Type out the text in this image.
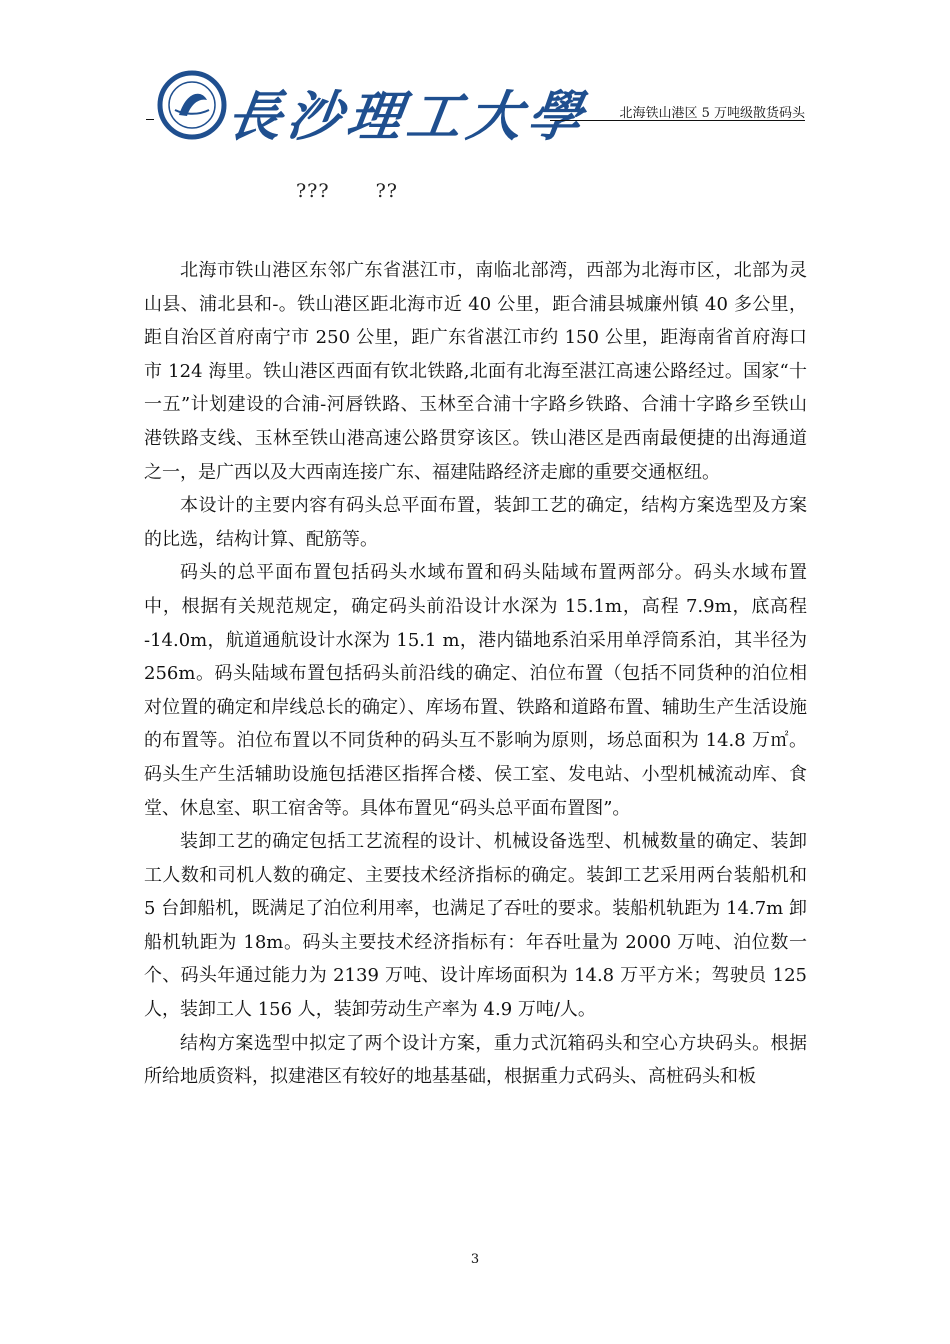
長沙理工大學 北海铁山港区 5 万吨级散货码头
??? ??

北海市铁山港区东邻广东省湛江市，南临北部湾，西部为北海市区，北部为灵山县、浦北县和-。铁山港区距北海市近 40 公里，距合浦县城廉州镇 40 多公里，距自治区首府南宁市 250 公里，距广东省湛江市约 150 公里，距海南省首府海口市 124 海里。铁山港区西面有钦北铁路,北面有北海至湛江高速公路经过。国家“十一五”计划建设的合浦-河唇铁路、玉林至合浦十字路乡铁路、合浦十字路乡至铁山港铁路支线、玉林至铁山港高速公路贯穿该区。铁山港区是西南最便捷的出海通道之一，是广西以及大西南连接广东、福建陆路经济走廊的重要交通枢纽。

本设计的主要内容有码头总平面布置，装卸工艺的确定，结构方案选型及方案的比选，结构计算、配筋等。

码头的总平面布置包括码头水域布置和码头陆域布置两部分。码头水域布置中，根据有关规范规定，确定码头前沿设计水深为 15.1m，高程 7.9m，底高程 -14.0m，航道通航设计水深为 15.1 m，港内锚地系泊采用单浮筒系泊，其半径为 256m。码头陆域布置包括码头前沿线的确定、泊位布置（包括不同货种的泊位相对位置的确定和岸线总长的确定）、库场布置、铁路和道路布置、辅助生产生活设施的布置等。泊位布置以不同货种的码头互不影响为原则，场总面积为 14.8 万㎡。码头生产生活辅助设施包括港区指挥合楼、侯工室、发电站、小型机械流动库、食堂、休息室、职工宿舍等。具体布置见“码头总平面布置图”。

装卸工艺的确定包括工艺流程的设计、机械设备选型、机械数量的确定、装卸工人数和司机人数的确定、主要技术经济指标的确定。装卸工艺采用两台装船机和 5 台卸船机，既满足了泊位利用率，也满足了吞吐的要求。装船机轨距为 14.7m 卸船机轨距为 18m。码头主要技术经济指标有：年吞吐量为 2000 万吨、泊位数一个、码头年通过能力为 2139 万吨、设计库场面积为 14.8 万平方米；驾驶员 125 人，装卸工人 156 人，装卸劳动生产率为 4.9 万吨/人。

结构方案选型中拟定了两个设计方案，重力式沉箱码头和空心方块码头。根据所给地质资料，拟建港区有较好的地基基础，根据重力式码头、高桩码头和板

3
